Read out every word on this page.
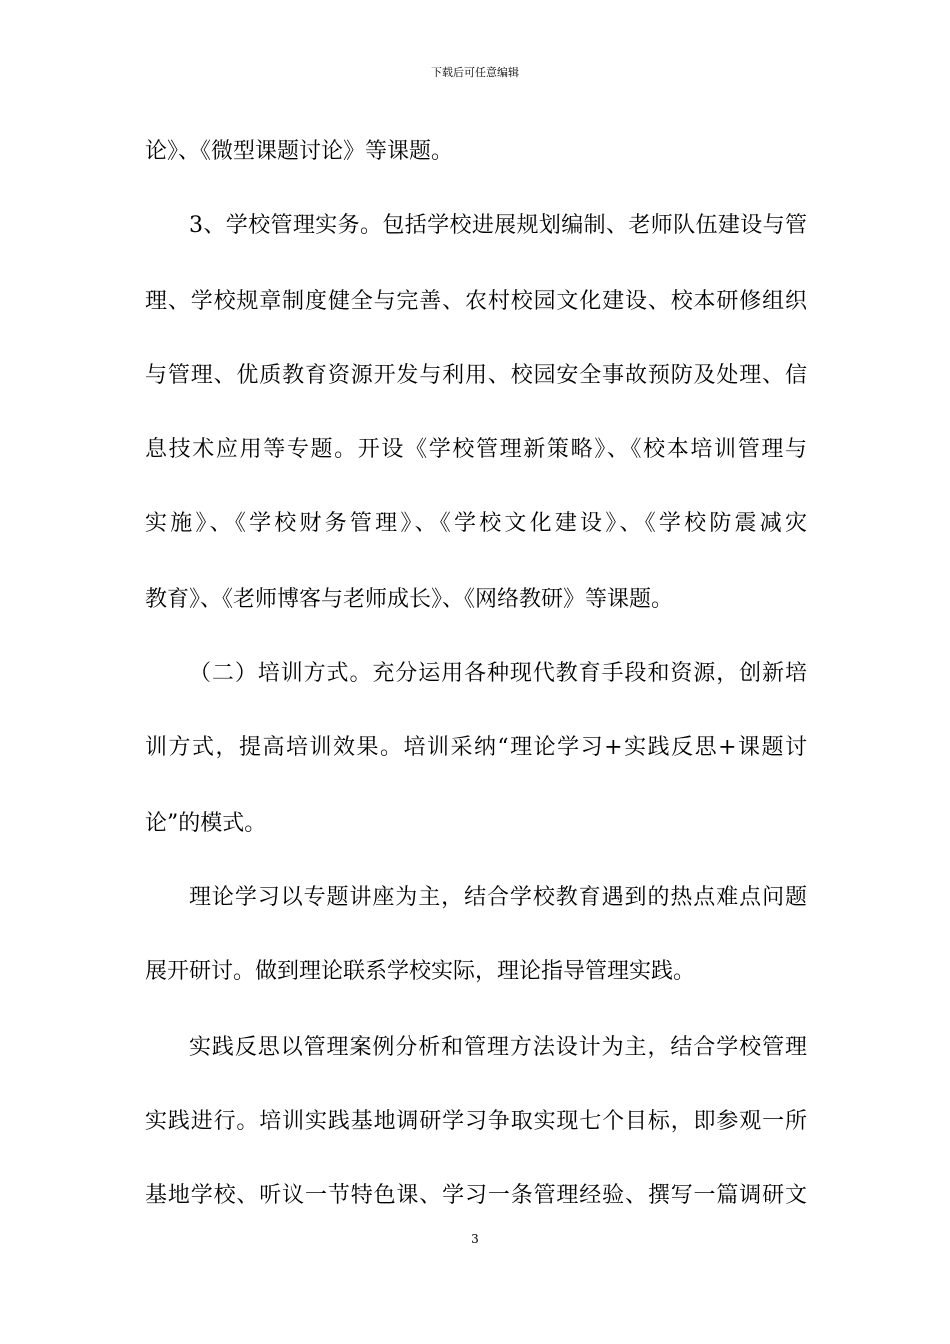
下载后可任意编辑
论》、《微型课题讨论》等课题。
3、学校管理实务。包括学校进展规划编制、老师队伍建设与管
理、学校规章制度健全与完善、农村校园文化建设、校本研修组织
与管理、优质教育资源开发与利用、校园安全事故预防及处理、信
息技术应用等专题。开设《学校管理新策略》、《校本培训管理与
实施》、《学校财务管理》、《学校文化建设》、《学校防震减灾
教育》、《老师博客与老师成长》、《网络教研》等课题。
（二）培训方式。充分运用各种现代教育手段和资源，创新培
训方式，提高培训效果。培训采纳“理论学习+实践反思+课题讨
论”的模式。
理论学习以专题讲座为主，结合学校教育遇到的热点难点问题
展开研讨。做到理论联系学校实际，理论指导管理实践。
实践反思以管理案例分析和管理方法设计为主，结合学校管理
实践进行。培训实践基地调研学习争取实现七个目标，即参观一所
基地学校、听议一节特色课、学习一条管理经验、撰写一篇调研文
3
